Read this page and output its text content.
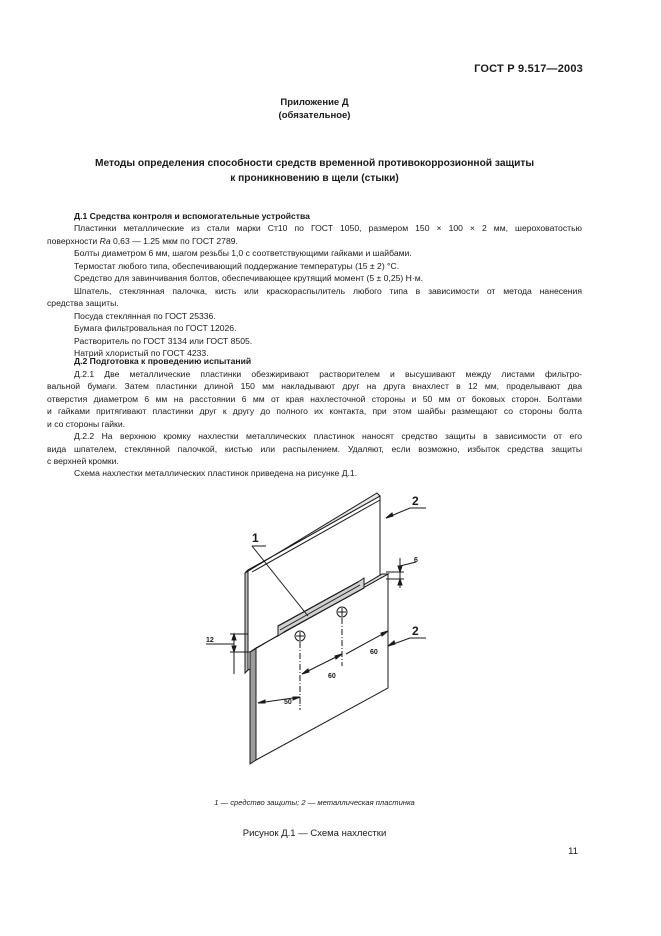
ГОСТ Р 9.517—2003
Приложение Д
(обязательное)
Методы определения способности средств временной противокоррозионной защиты
к проникновению в щели (стыки)
Д.1 Средства контроля и вспомогательные устройства
Пластинки металлические из стали марки Ст10 по ГОСТ 1050, размером 150 × 100 × 2 мм, шероховатостью
поверхности Ra 0,63 — 1.25 мкм по ГОСТ 2789.
Болты диаметром 6 мм, шагом резьбы 1,0 с соответствующими гайками и шайбами.
Термостат любого типа, обеспечивающий поддержание температуры (15 ± 2) °С.
Средство для завинчивания болтов, обеспечивающее крутящий момент (5 ± 0,25) Н·м.
Шпатель, стеклянная палочка, кисть или краскораспылитель любого типа в зависимости от метода нанесения
средства защиты.
Посуда стеклянная по ГОСТ 25336.
Бумага фильтровальная по ГОСТ 12026.
Растворитель по ГОСТ 3134 или ГОСТ 8505.
Натрий хлористый по ГОСТ 4233.
Д.2 Подготовка к проведению испытаний
Д.2.1 Две металлические пластинки обезжиривают растворителем и высушивают между листами фильтро-
вальной бумаги. Затем пластинки длиной 150 мм накладывают друг на друга внахлест в 12 мм, проделывают два
отверстия диаметром 6 мм на расстоянии 6 мм от края нахлесточной стороны и 50 мм от боковых сторон. Болтами
и гайками притягивают пластинки друг к другу до полного их контакта, при этом шайбы размещают со стороны болта
и со стороны гайки.
Д.2.2 На верхнюю кромку нахлестки металлических пластинок наносят средство защиты в зависимости от его
вида шпателем, стеклянной палочкой, кистью или распылением. Удаляют, если возможно, избыток средства защиты
с верхней кромки.
Схема нахлестки металлических пластинок приведена на рисунке Д.1.
1
2
2
6
12
60
60
50
1 — средство защиты; 2 — металлическая пластинка
Рисунок Д.1 — Схема нахлестки
11
